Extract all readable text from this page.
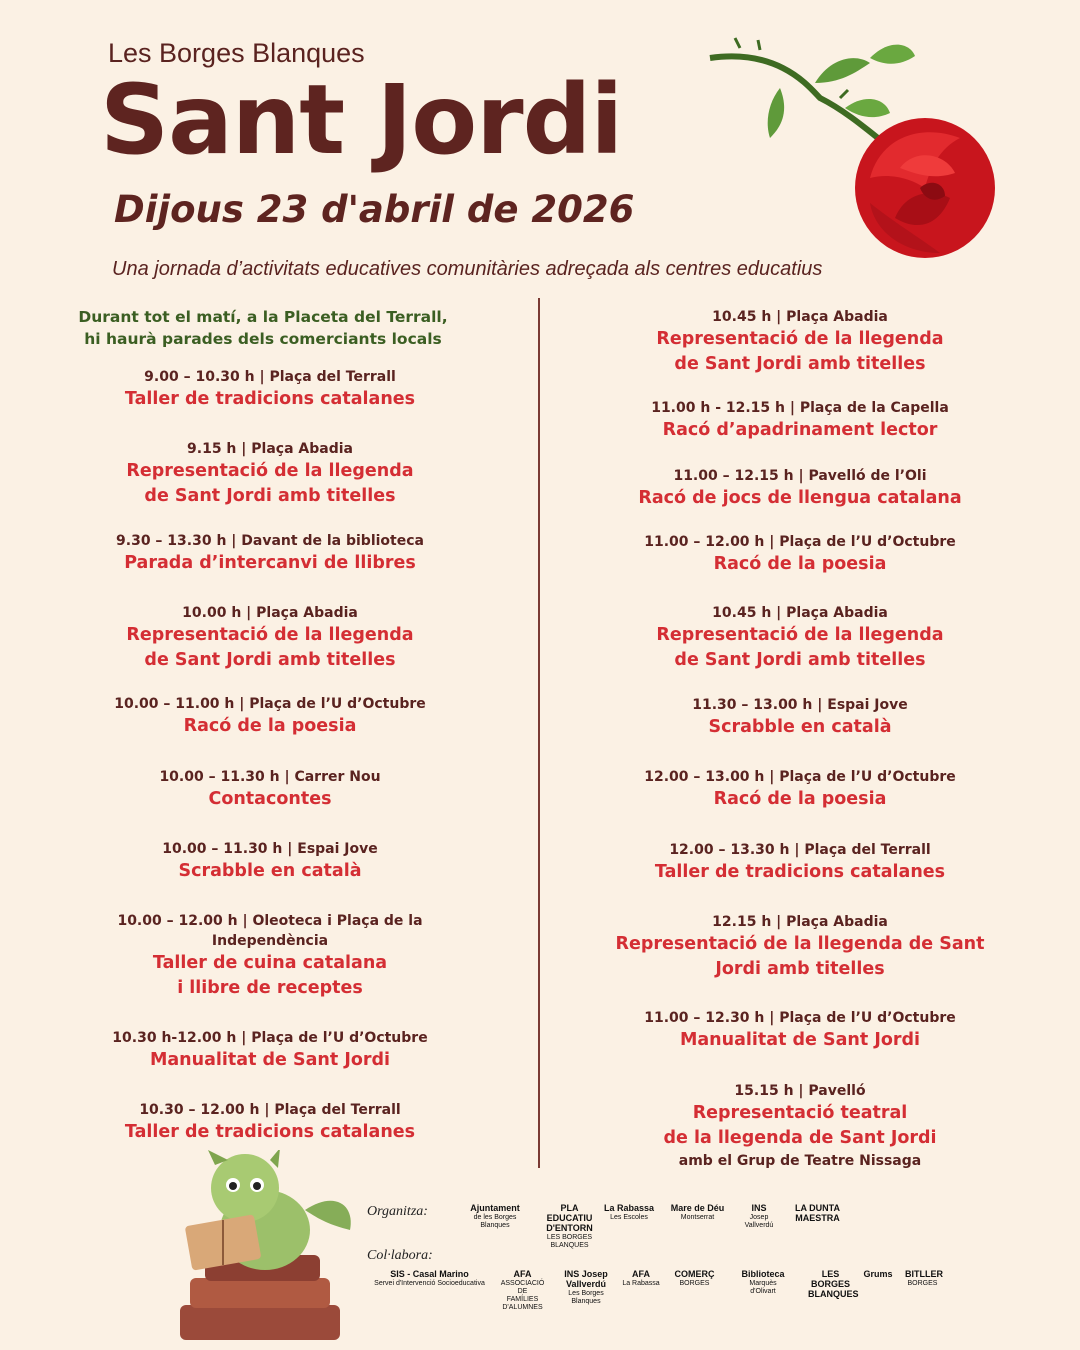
Les Borges Blanques
Sant Jordi
Dijous 23 d'abril de 2026
Una jornada d’activitats educatives comunitàries adreçada als centres educatius
Durant tot el matí, a la Placeta del Terrall,
hi haurà parades dels comerciants locals
9.00 – 10.30 h | Plaça del Terrall
Taller de tradicions catalanes
9.15 h | Plaça Abadia
Representació de la llegenda
de Sant Jordi amb titelles
9.30 – 13.30 h | Davant de la biblioteca
Parada d’intercanvi de llibres
10.00 h | Plaça Abadia
Representació de la llegenda
de Sant Jordi amb titelles
10.00 – 11.00 h | Plaça de l’U d’Octubre
Racó de la poesia
10.00 – 11.30 h | Carrer Nou
Contacontes
10.00 – 11.30 h | Espai Jove
Scrabble en català
10.00 – 12.00 h | Oleoteca i Plaça de la
Independència
Taller de cuina catalana
i llibre de receptes
10.30 h-12.00 h | Plaça de l’U d’Octubre
Manualitat de Sant Jordi
10.30 – 12.00 h | Plaça del Terrall
Taller de tradicions catalanes
10.45 h | Plaça Abadia
Representació de la llegenda
de Sant Jordi amb titelles
11.00 h - 12.15 h | Plaça de la Capella
Racó d’apadrinament lector
11.00 – 12.15 h | Pavelló de l’Oli
Racó de jocs de llengua catalana
11.00 – 12.00 h | Plaça de l’U d’Octubre
Racó de la poesia
10.45 h | Plaça Abadia
Representació de la llegenda
de Sant Jordi amb titelles
11.30 – 13.00 h | Espai Jove
Scrabble en català
12.00 – 13.00 h | Plaça de l’U d’Octubre
Racó de la poesia
12.00 – 13.30 h | Plaça del Terrall
Taller de tradicions catalanes
12.15 h | Plaça Abadia
Representació de la llegenda de Sant
Jordi amb titelles
11.00 – 12.30 h | Plaça de l’U d’Octubre
Manualitat de Sant Jordi
15.15 h | Pavelló
Representació teatral
de la llegenda de Sant Jordi
amb el Grup de Teatre Nissaga
Organitza:
Col·labora:
Ajuntament
de les Borges
Blanques
PLA EDUCATIU D'ENTORN
LES BORGES BLANQUES
La Rabassa
Les Escoles
Mare de Déu
Montserrat
INS
Josep
Vallverdú
LA DUNTA MAESTRA
SIS - Casal Marino
Servei d'Intervenció Socioeducativa
AFA
ASSOCIACIÓ DE
FAMÍLIES D'ALUMNES
INS Josep Vallverdú
Les Borges Blanques
AFA
La Rabassa
COMERÇ
BORGES
Biblioteca
Marquès
d'Olivart
LES BORGES BLANQUES
Grums	BITLLER
BORGES
